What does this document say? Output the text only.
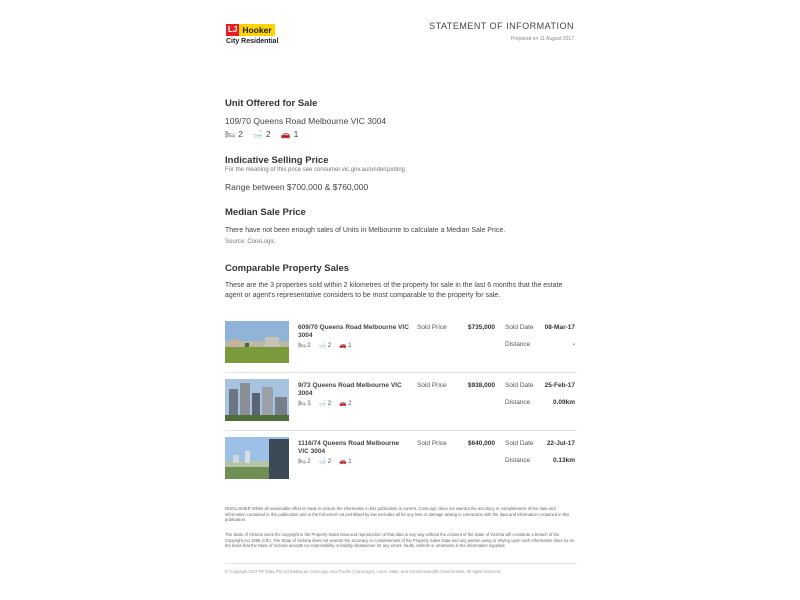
LJ Hooker
City Residential
STATEMENT OF INFORMATION
Prepared on 11 August 2017
Unit Offered for Sale
109/70 Queens Road Melbourne VIC 3004
🛏 2 🛁 2 🚗 1
Indicative Selling Price
For the meaning of this price see consumer.vic.gov.au/underquoting
Range between $700,000 & $760,000
Median Sale Price
There have not been enough sales of Units in Melbourne to calculate a Median Sale Price.
Source: CoreLogic
Comparable Property Sales
These are the 3 properties sold within 2 kilometres of the property for sale in the last 6 months that the estate agent or agent's representative considers to be most comparable to the property for sale.
609/70 Queens Road Melbourne VIC 3004
🛏 2 🛁 2 🚗 1
Sold Price	$735,000 Sold Date	08-Mar-17
Distance	-
9/73 Queens Road Melbourne VIC 3004
🛏 3 🛁 2 🚗 2
Sold Price	$938,000 Sold Date	25-Feb-17
Distance	0.09km
1116/74 Queens Road Melbourne VIC 3004
🛏 2 🛁 2 🚗 1
Sold Price	$640,000 Sold Date	22-Jul-17
Distance	0.13km
DISCLAIMER Whilst all reasonable effort is made to ensure the information in this publication is current, CoreLogic does not warrant the accuracy or completeness of the data and information contained in this publication and to the full extent not prohibited by law excludes all for any loss or damage arising in connection with the data and information contained in this publication.
The State of Victoria owns the copyright in the Property Sales Data and reproduction of that data in any way without the consent of the State of Victoria will constitute a breach of the Copyright Act 1968 (Cth). The State of Victoria does not warrant the accuracy or completeness of the Property Sales Data and any person using or relying upon such information does so on the basis that the State of Victoria accepts no responsibility or liability whatsoever for any errors, faults, defects or omissions in the information supplied.
© Copyright 2017 RP Data Pty Ltd trading as CoreLogic Asia Pacific (CoreLogic). Local, State, and Commonwealth Governments. All rights reserved.
